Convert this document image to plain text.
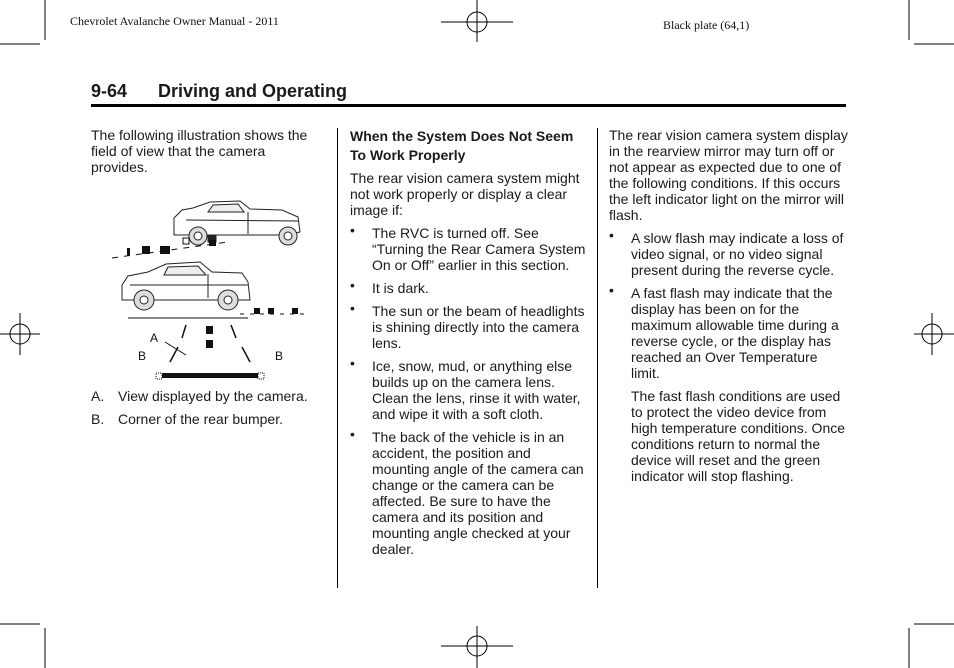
Chevrolet Avalanche Owner Manual - 2011	Black plate (64,1)
9-64 Driving and Operating

The following illustration shows the field of view that the camera provides.

A
B	B
A. View displayed by the camera.
B. Corner of the rear bumper.
When the System Does Not Seem To Work Properly

The rear vision camera system might not work properly or display a clear image if:

• The RVC is turned off. See “Turning the Rear Camera System On or Off” earlier in this section.
• It is dark.
• The sun or the beam of headlights is shining directly into the camera lens.
• Ice, snow, mud, or anything else builds up on the camera lens. Clean the lens, rinse it with water, and wipe it with a soft cloth.
• The back of the vehicle is in an accident, the position and mounting angle of the camera can change or the camera can be affected. Be sure to have the camera and its position and mounting angle checked at your dealer.

The rear vision camera system display in the rearview mirror may turn off or not appear as expected due to one of the following conditions. If this occurs the left indicator light on the mirror will flash.

• A slow flash may indicate a loss of video signal, or no video signal present during the reverse cycle.
• A fast flash may indicate that the display has been on for the maximum allowable time during a reverse cycle, or the display has reached an Over Temperature limit.

The fast flash conditions are used to protect the video device from high temperature conditions. Once conditions return to normal the device will reset and the green indicator will stop flashing.
